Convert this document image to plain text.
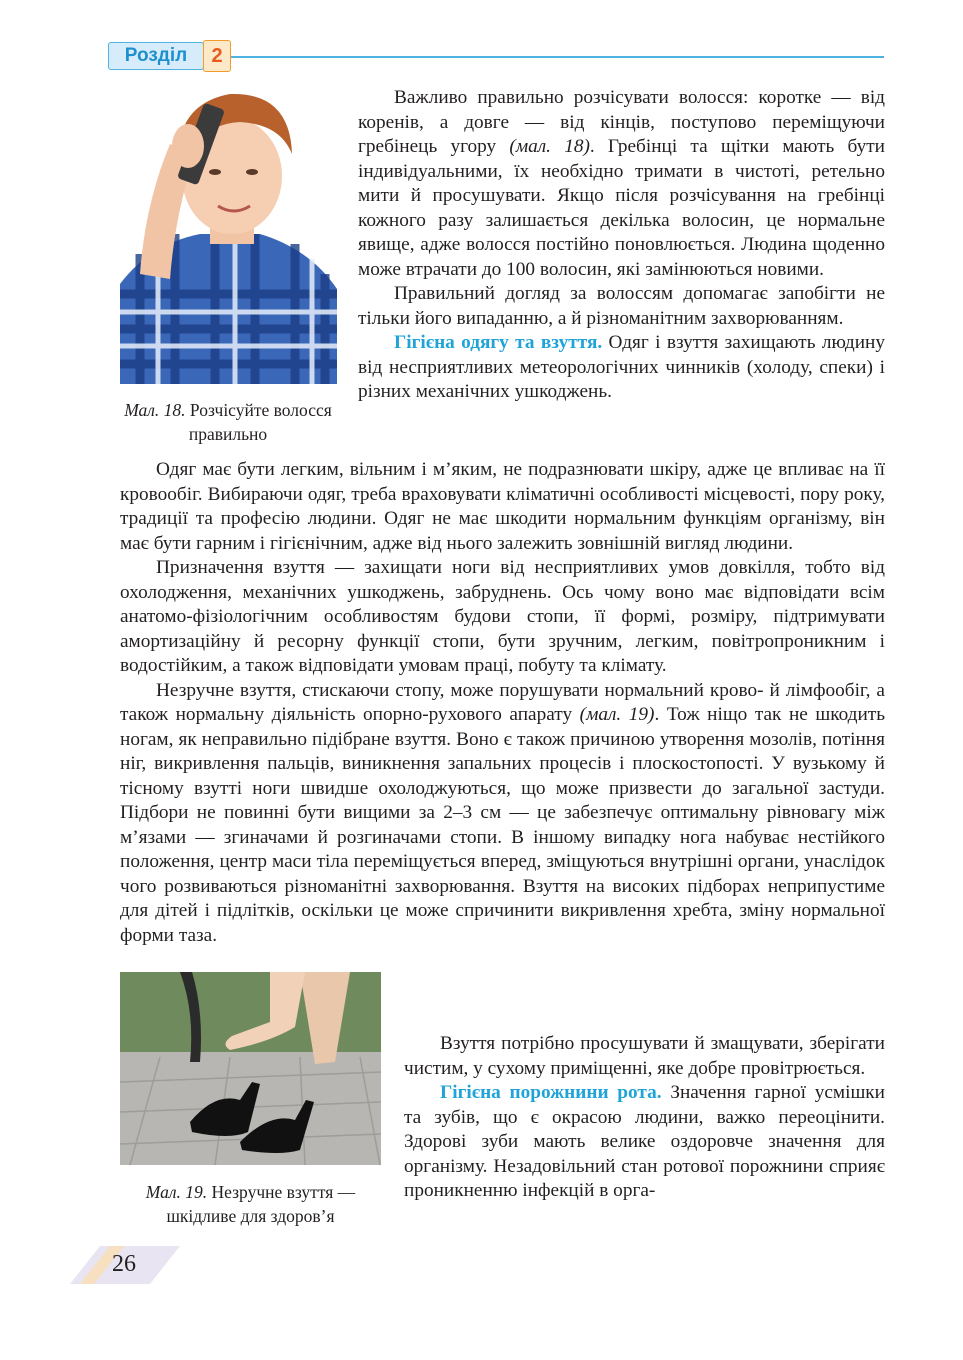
Розділ	2
Мал. 18. Розчісуйте волосся правильно

Важливо правильно розчісувати волосся: коротке — від коренів, а довге — від кінців, поступово переміщуючи гребінець угору (мал. 18). Гребінці та щітки мають бути індивідуальними, їх необхідно тримати в чистоті, ретельно мити й просушувати. Якщо після розчісування на гребінці кожного разу залишається декілька волосин, це нормальне явище, адже волосся постійно поновлюється. Людина щоденно може втрачати до 100 волосин, які замінюються новими.

Правильний догляд за волоссям допомагає запобігти не тільки його випаданню, а й різноманітним захворюванням.

Гігієна одягу та взуття. Одяг і взуття захищають людину від несприятливих метеорологічних чинників (холоду, спеки) і різних механічних ушкоджень.

Одяг має бути легким, вільним і м’яким, не подразнювати шкіру, адже це впливає на її кровообіг. Вибираючи одяг, треба враховувати кліматичні особливості місцевості, пору року, традиції та професію людини. Одяг не має шкодити нормальним функціям організму, він має бути гарним і гігієнічним, адже від нього залежить зовнішній вигляд людини.

Призначення взуття — захищати ноги від несприятливих умов довкілля, тобто від охолодження, механічних ушкоджень, забруднень. Ось чому воно має відповідати всім анатомо-фізіологічним особливостям будови стопи, її формі, розміру, підтримувати амортизаційну й ресорну функції стопи, бути зручним, легким, повітропроникним і водостійким, а також відповідати умовам праці, побуту та клімату.

Незручне взуття, стискаючи стопу, може порушувати нормальний крово- й лімфообіг, а також нормальну діяльність опорно-рухового апарату (мал. 19). Тож ніщо так не шкодить ногам, як неправильно підібране взуття. Воно є також причиною утворення мозолів, потіння ніг, викривлення пальців, виникнення запальних процесів і плоскостопості. У вузькому й тісному взутті ноги швидше охолоджуються, що може призвести до загальної застуди. Підбори не повинні бути вищими за 2–3 см — це забезпечує оптимальну рівновагу між м’язами — згиначами й розгиначами стопи. В іншому випадку нога набуває нестійкого положення, центр маси тіла переміщується вперед, зміщуються внутрішні органи, унаслідок чого розвиваються різноманітні захворювання. Взуття на високих підборах неприпустиме для дітей і підлітків, оскільки це може спричинити викривлення хребта, зміну нормальної форми таза.

Мал. 19. Незручне взуття — шкідливе для здоров’я

Взуття потрібно просушувати й змащувати, зберігати чистим, у сухому приміщенні, яке добре провітрюється.

Гігієна порожнини рота. Значення гарної усмішки та зубів, що є окрасою людини, важко переоцінити. Здорові зуби мають велике оздоровче значення для організму. Незадовільний стан ротової порожнини сприяє проникненню інфекцій в орга-

26
